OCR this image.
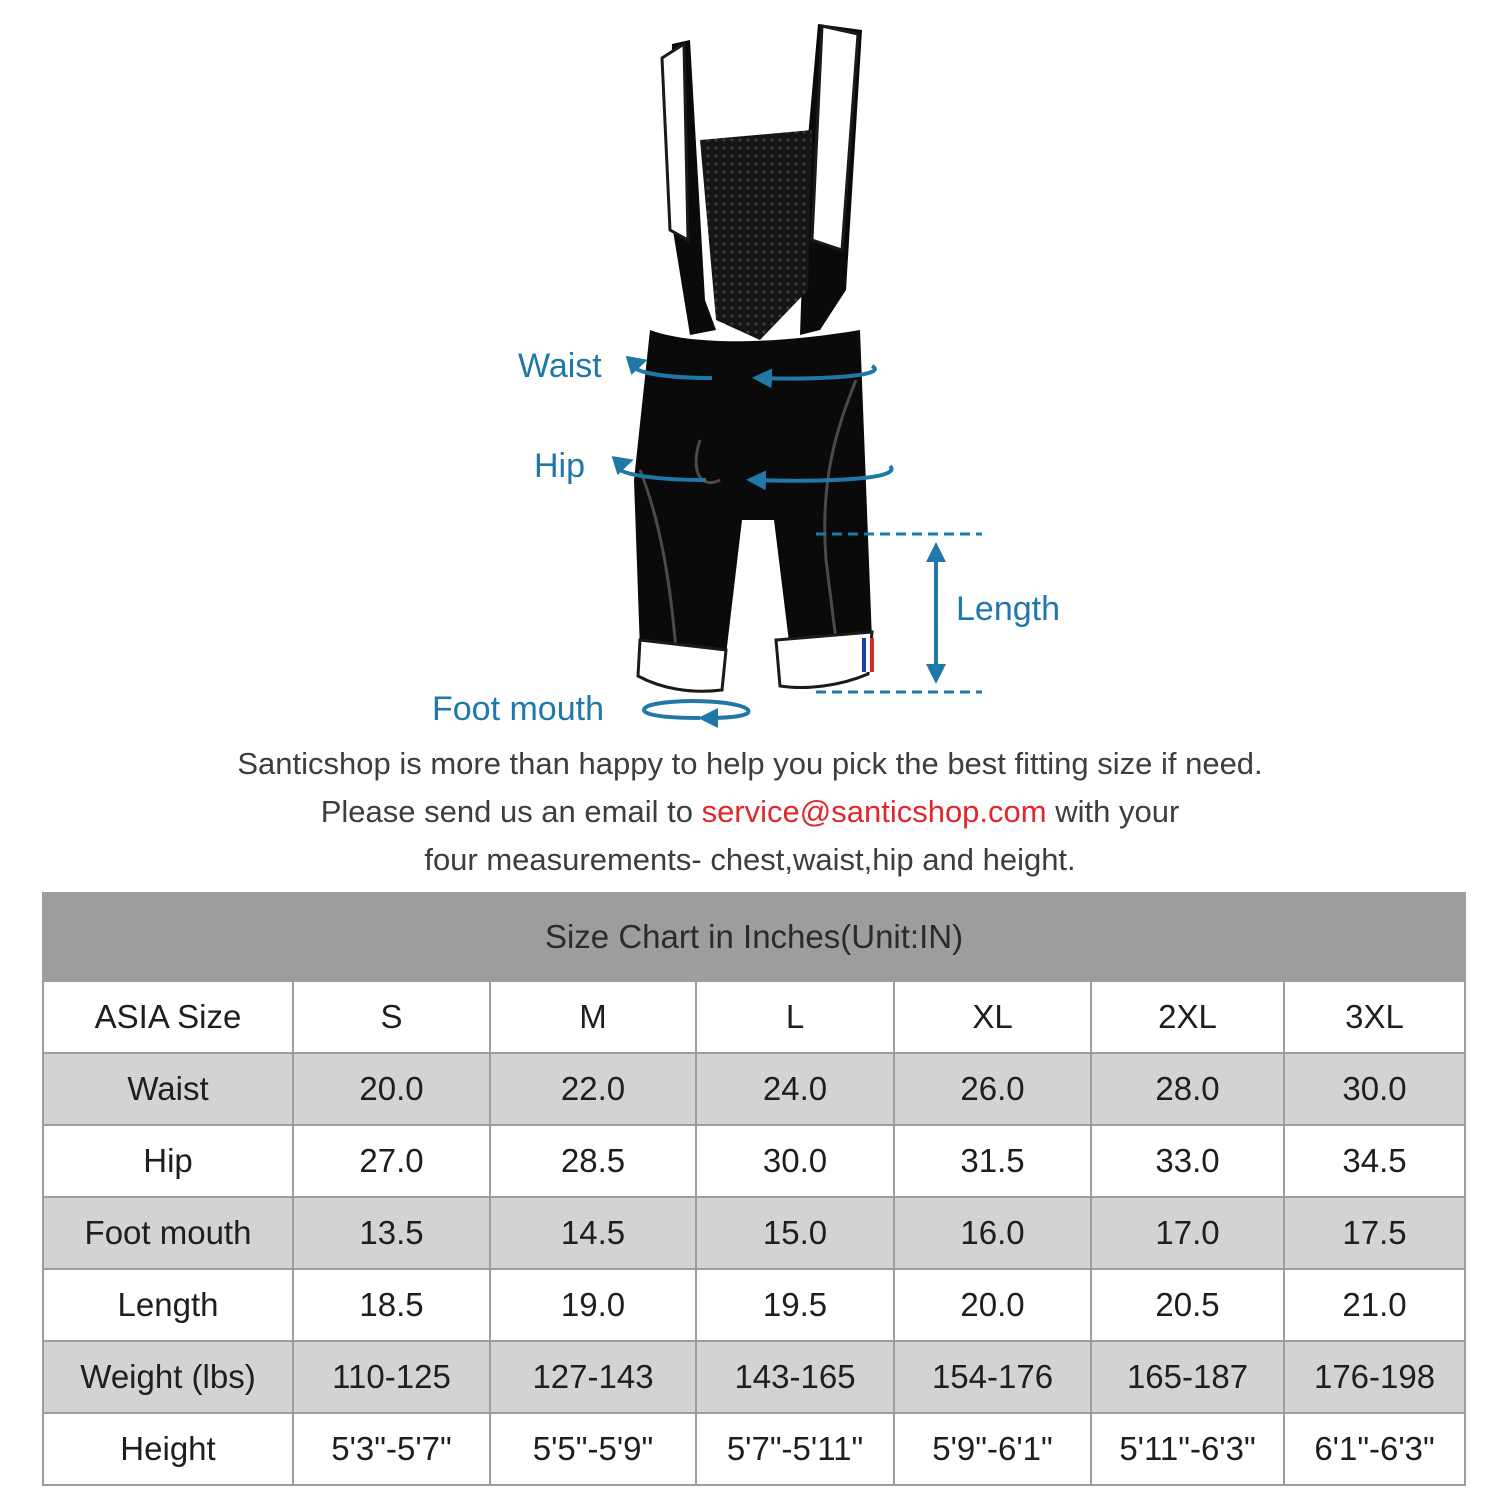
Waist
Hip
Length
Foot mouth
Santicshop is more than happy to help you pick the best fitting size if need.
Please send us an email to service@santicshop.com with your
four measurements- chest,waist,hip and height.
Size Chart in Inches(Unit:IN)						
ASIA Size	S	M	L	XL	2XL	3XL
Waist	20.0	22.0	24.0	26.0	28.0	30.0
Hip	27.0	28.5	30.0	31.5	33.0	34.5
Foot mouth	13.5	14.5	15.0	16.0	17.0	17.5
Length	18.5	19.0	19.5	20.0	20.5	21.0
Weight (lbs)	110-125	127-143	143-165	154-176	165-187	176-198
Height	5'3"-5'7"	5'5"-5'9"	5'7"-5'11"	5'9"-6'1"	5'11"-6'3"	6'1"-6'3"
